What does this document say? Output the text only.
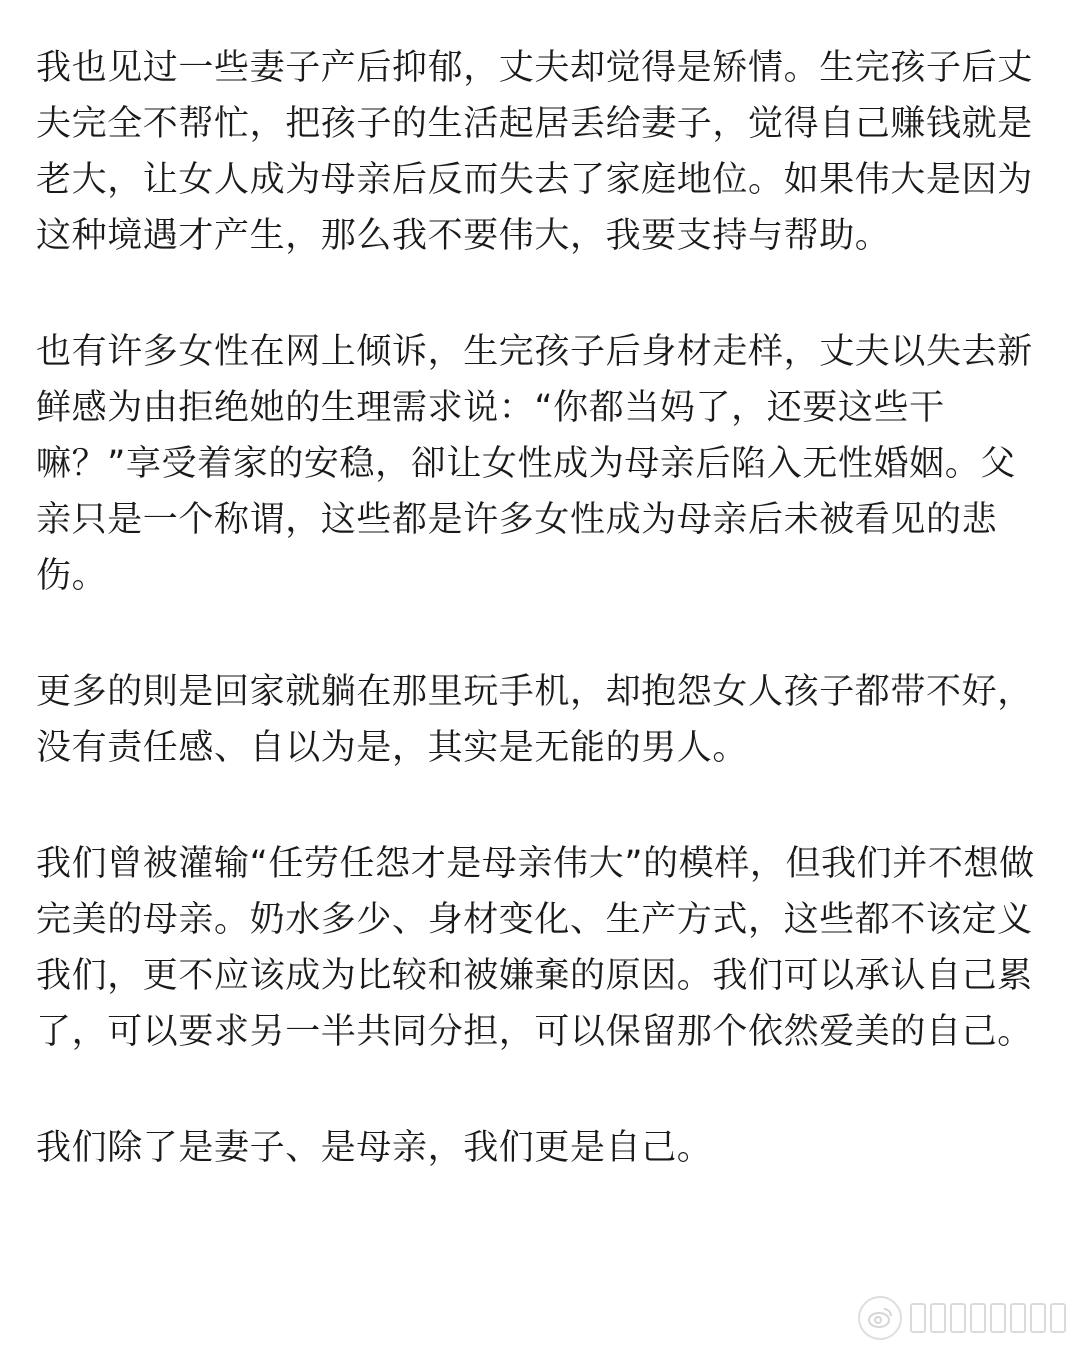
我也见过一些妻子产后抑郁，丈夫却觉得是矫情。生完孩子后丈夫完全不帮忙，把孩子的生活起居丢给妻子，觉得自己赚钱就是老大，让女人成为母亲后反而失去了家庭地位。如果伟大是因为这种境遇才产生，那么我不要伟大，我要支持与帮助。

也有许多女性在网上倾诉，生完孩子后身材走样，丈夫以失去新鲜感为由拒绝她的生理需求说：“你都当妈了，还要这些干嘛？”享受着家的安稳，卻让女性成为母亲后陷入无性婚姻。父亲只是一个称谓，这些都是许多女性成为母亲后未被看见的悲伤。

更多的則是回家就躺在那里玩手机，却抱怨女人孩子都带不好，没有责任感、自以为是，其实是无能的男人。

我们曾被灌输“任劳任怨才是母亲伟大”的模样，但我们并不想做完美的母亲。奶水多少、身材变化、生产方式，这些都不该定义我们，更不应该成为比较和被嫌棄的原因。我们可以承认自己累了，可以要求另一半共同分担，可以保留那个依然爱美的自己。

我们除了是妻子、是母亲，我们更是自己。
